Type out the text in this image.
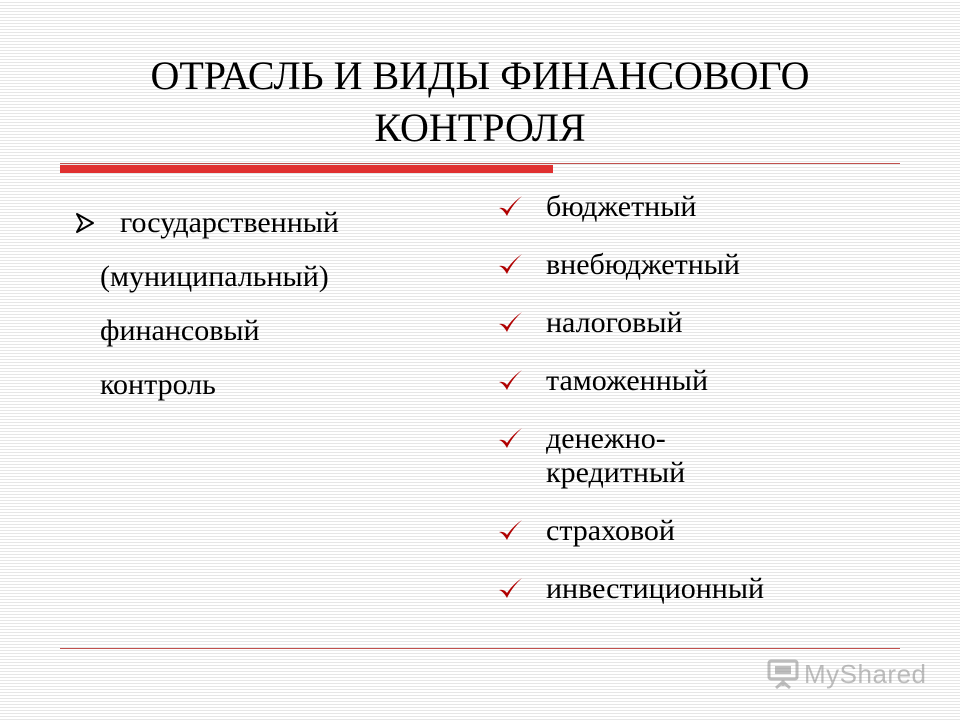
ОТРАСЛЬ И ВИДЫ ФИНАНСОВОГО
КОНТРОЛЯ
государственный
(муниципальный)
финансовый
контроль
бюджетный
внебюджетный
налоговый
таможенный
денежно-
кредитный
страховой
инвестиционный
MyShared
